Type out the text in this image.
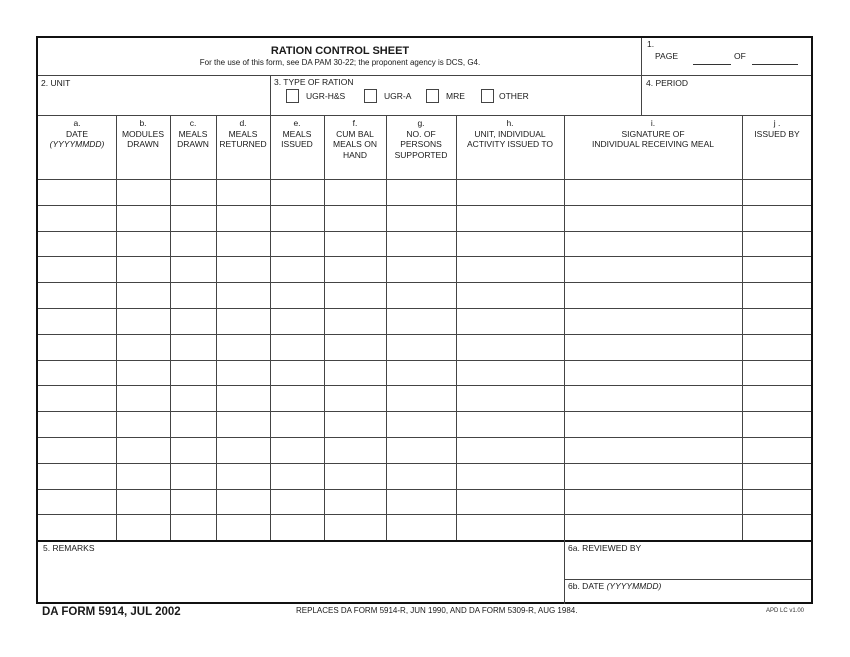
RATION CONTROL SHEET
For the use of this form, see DA PAM 30-22; the proponent agency is DCS, G4.
1.
PAGE	OF
2. UNIT	3. TYPE OF RATION
UGR-H&S	UGR-A	MRE	OTHER
4. PERIOD
a.
DATE
(YYYYMMDD)
b.
MODULES
DRAWN
c.
MEALS
DRAWN
d.
MEALS
RETURNED
e.
MEALS
ISSUED
f.
CUM BAL
MEALS ON
HAND
g.
NO. OF
PERSONS
SUPPORTED
h.
UNIT, INDIVIDUAL
ACTIVITY ISSUED TO
i.
SIGNATURE OF
INDIVIDUAL RECEIVING MEAL
j .
ISSUED BY
5. REMARKS	6a. REVIEWED BY
6b. DATE (YYYYMMDD)
DA FORM 5914, JUL 2002	REPLACES DA FORM 5914-R, JUN 1990, AND DA FORM 5309-R, AUG 1984.	APD LC v1.00
